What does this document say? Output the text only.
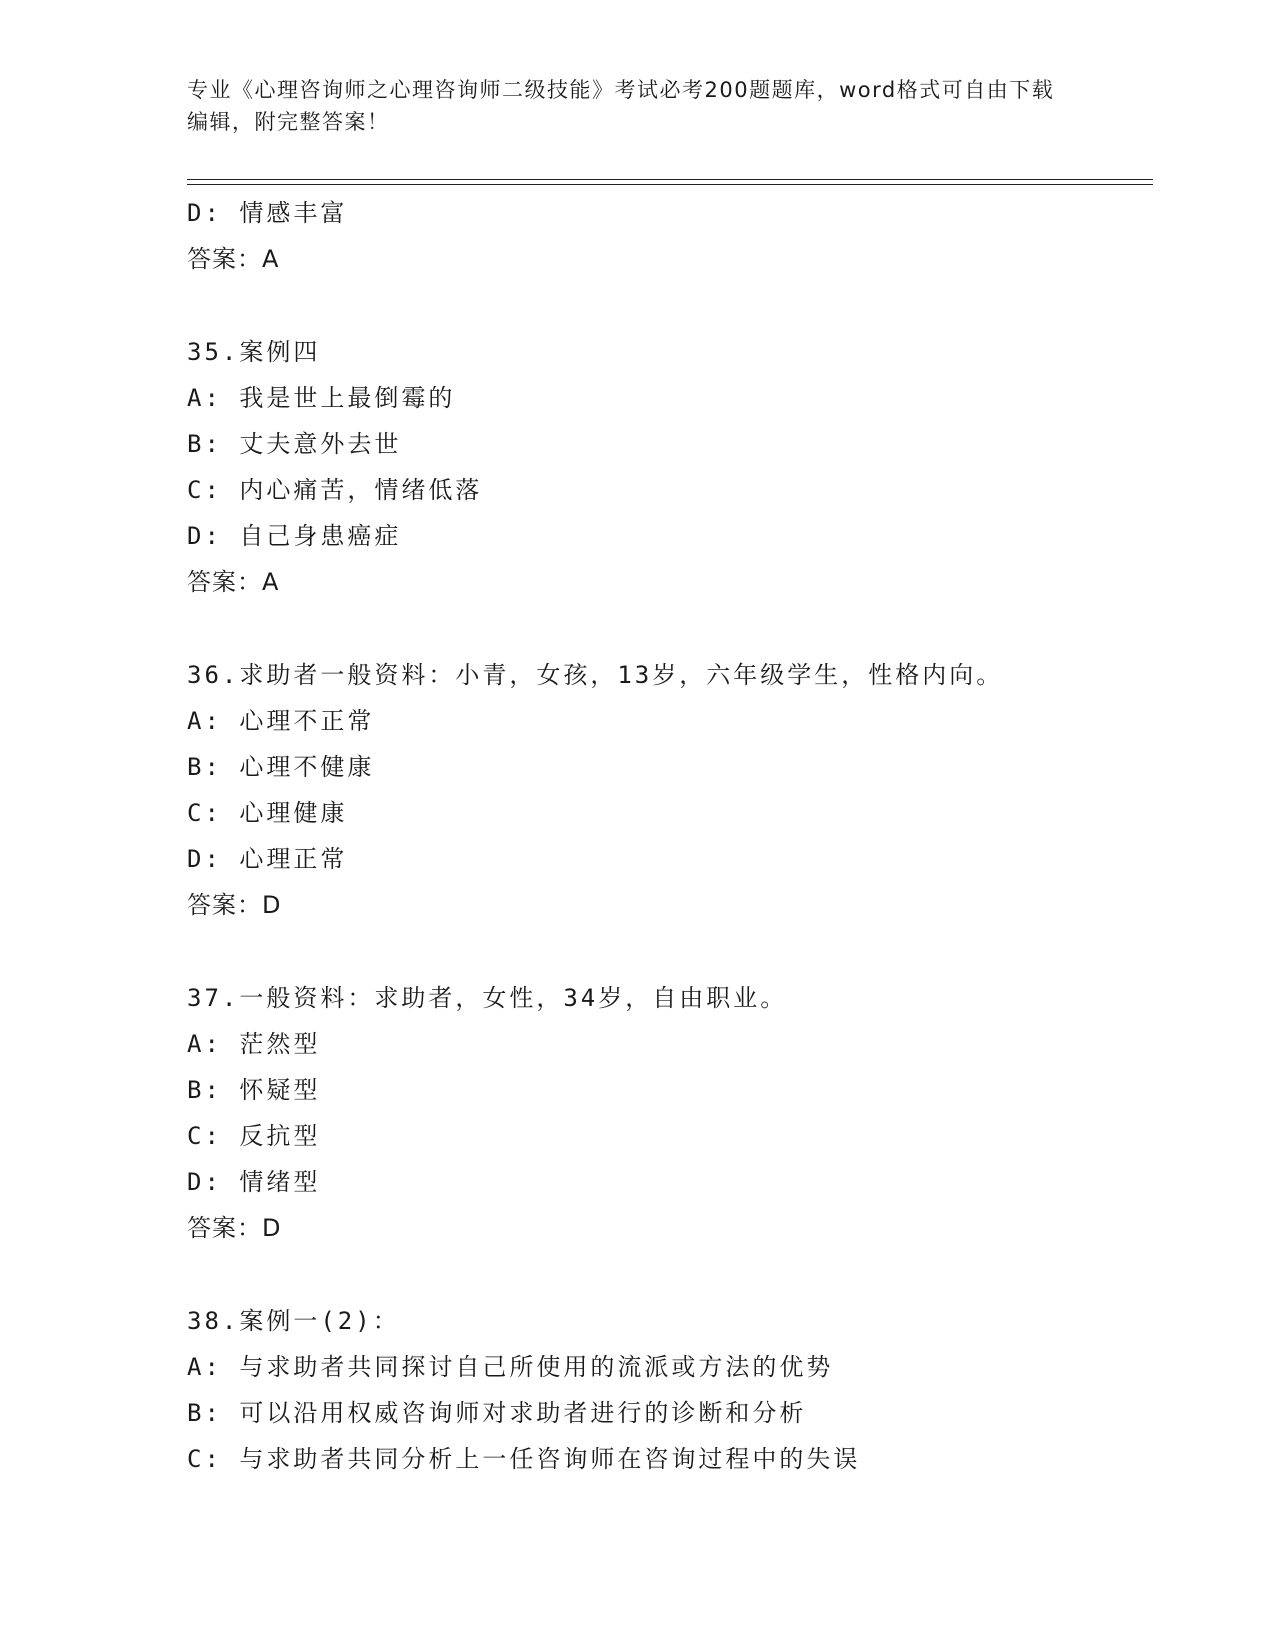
专业《心理咨询师之心理咨询师二级技能》考试必考200题题库，word格式可自由下载编辑，附完整答案！
D: 情感丰富
答案：A
35.案例四
A: 我是世上最倒霉的
B: 丈夫意外去世
C: 内心痛苦，情绪低落
D: 自己身患癌症
答案：A
36.求助者一般资料：小青，女孩，13岁，六年级学生，性格内向。
A: 心理不正常
B: 心理不健康
C: 心理健康
D: 心理正常
答案：D
37.一般资料：求助者，女性，34岁，自由职业。
A: 茫然型
B: 怀疑型
C: 反抗型
D: 情绪型
答案：D
38.案例一(2)：
A: 与求助者共同探讨自己所使用的流派或方法的优势
B: 可以沿用权威咨询师对求助者进行的诊断和分析
C: 与求助者共同分析上一任咨询师在咨询过程中的失误
